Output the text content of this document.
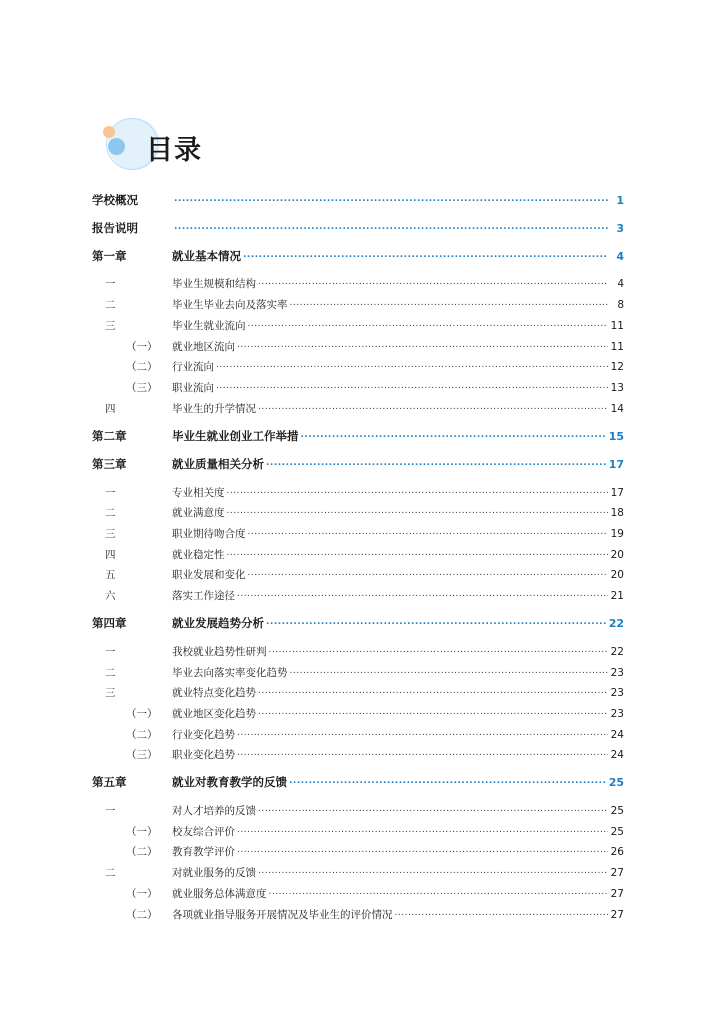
目录
学校概况 .....	1
报告说明 .....	3
第一章	就业基本情况 .....	4
一	毕业生规模和结构 .....	4
二	毕业生毕业去向及落实率 .....	8
三	毕业生就业流向 .....	11
（一）	就业地区流向 .....	11
（二）	行业流向 .....	12
（三）	职业流向 .....	13
四	毕业生的升学情况 .....	14
第二章	毕业生就业创业工作举措 .....	15
第三章	就业质量相关分析 .....	17
一	专业相关度 .....	17
二	就业满意度 .....	18
三	职业期待吻合度 .....	19
四	就业稳定性 .....	20
五	职业发展和变化 .....	20
六	落实工作途径 .....	21
第四章	就业发展趋势分析 .....	22
一	我校就业趋势性研判 .....	22
二	毕业去向落实率变化趋势 .....	23
三	就业特点变化趋势 .....	23
（一）	就业地区变化趋势 .....	23
（二）	行业变化趋势 .....	24
（三）	职业变化趋势 .....	24
第五章	就业对教育教学的反馈 .....	25
一	对人才培养的反馈 .....	25
（一）	校友综合评价 .....	25
（二）	教育教学评价 .....	26
二	对就业服务的反馈 .....	27
（一）	就业服务总体满意度 .....	27
（二）	各项就业指导服务开展情况及毕业生的评价情况 .....	27
